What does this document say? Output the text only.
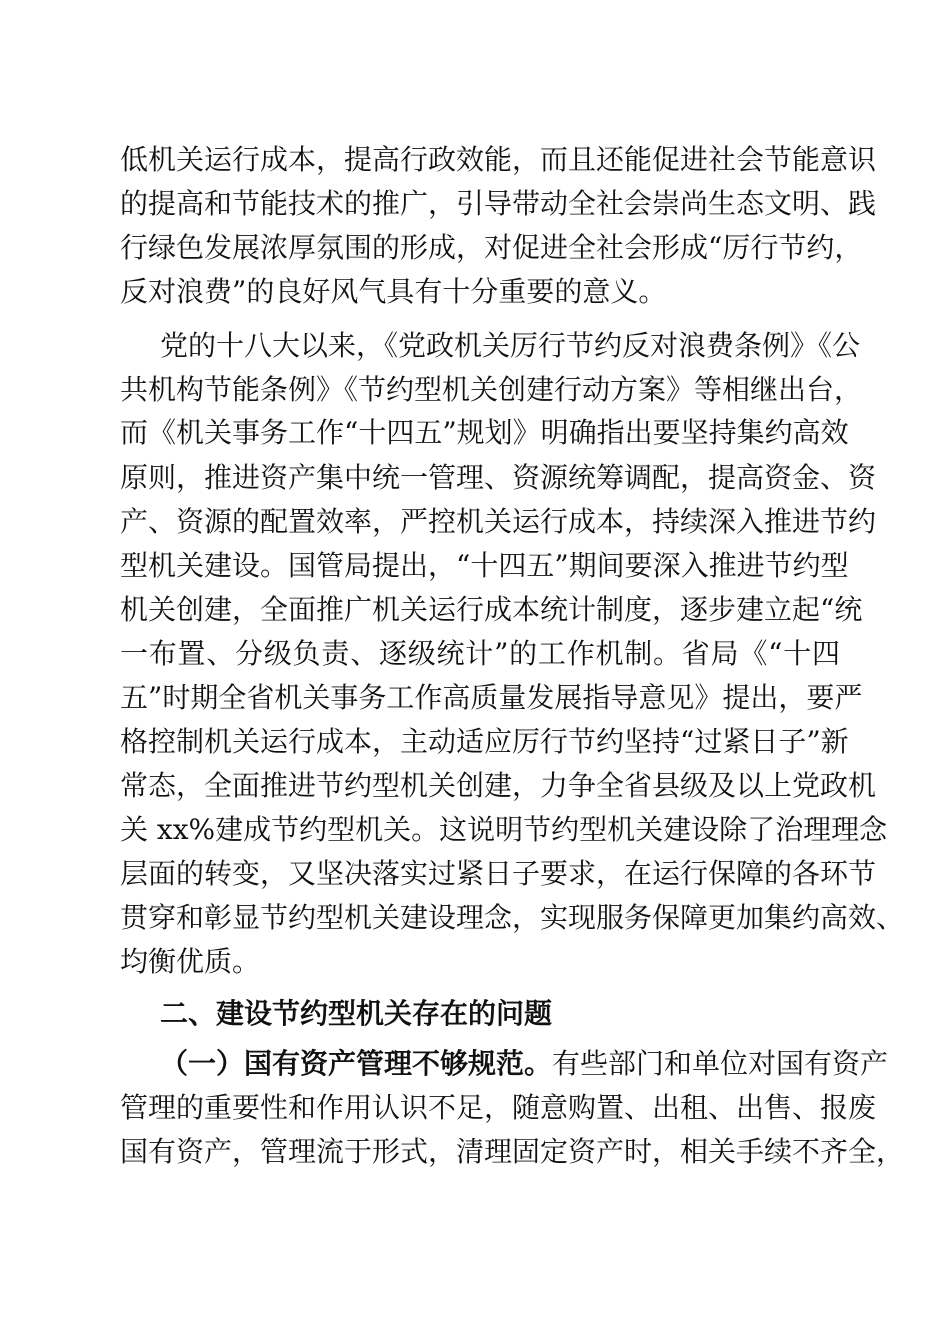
低机关运行成本，提高行政效能，而且还能促进社会节能意识
的提高和节能技术的推广，引导带动全社会崇尚生态文明、践
行绿色发展浓厚氛围的形成，对促进全社会形成“厉行节约，
反对浪费”的良好风气具有十分重要的意义。
党的十八大以来，《党政机关厉行节约反对浪费条例》《公
共机构节能条例》《节约型机关创建行动方案》等相继出台，
而《机关事务工作“十四五”规划》明确指出要坚持集约高效
原则，推进资产集中统一管理、资源统筹调配，提高资金、资
产、资源的配置效率，严控机关运行成本，持续深入推进节约
型机关建设。国管局提出，“十四五”期间要深入推进节约型
机关创建，全面推广机关运行成本统计制度，逐步建立起“统
一布置、分级负责、逐级统计”的工作机制。省局《“十四
五”时期全省机关事务工作高质量发展指导意见》提出，要严
格控制机关运行成本，主动适应厉行节约坚持“过紧日子”新
常态，全面推进节约型机关创建，力争全省县级及以上党政机
关 xx%建成节约型机关。这说明节约型机关建设除了治理理念
层面的转变，又坚决落实过紧日子要求，在运行保障的各环节
贯穿和彰显节约型机关建设理念，实现服务保障更加集约高效、
均衡优质。
二、建设节约型机关存在的问题
（一）国有资产管理不够规范。有些部门和单位对国有资产
管理的重要性和作用认识不足，随意购置、出租、出售、报废
国有资产，管理流于形式，清理固定资产时，相关手续不齐全，
